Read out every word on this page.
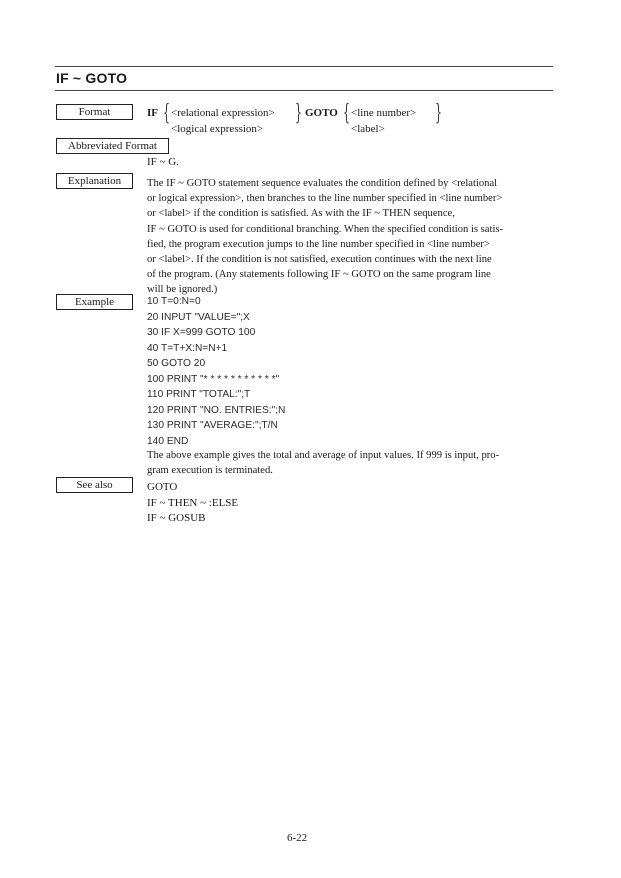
IF ~ GOTO
Format	IF { <relational expression>
<logical expression>
} GOTO { <line number>
<label>
}
Abbreviated Format
IF ~ G.
Explanation	The IF ~ GOTO statement sequence evaluates the condition defined by <relational
or logical expression>, then branches to the line number specified in <line number>
or <label> if the condition is satisfied. As with the IF ~ THEN sequence,
IF ~ GOTO is used for conditional branching. When the specified condition is satis-
fied, the program execution jumps to the line number specified in <line number>
or <label>. If the condition is not satisfied, execution continues with the next line
of the program. (Any statements following IF ~ GOTO on the same program line
will be ignored.)
Example	10 T=0:N=0
20 INPUT "VALUE=";X
30 IF X=999 GOTO 100
40 T=T+X:N=N+1
50 GOTO 20
100 PRINT "* * * * * * * * * * *"
110 PRINT "TOTAL:";T
120 PRINT "NO. ENTRIES:";N
130 PRINT "AVERAGE:";T/N
140 END
The above example gives the total and average of input values. If 999 is input, pro-
gram execution is terminated.
See also	GOTO
IF ~ THEN ~ :ELSE
IF ~ GOSUB
6-22
